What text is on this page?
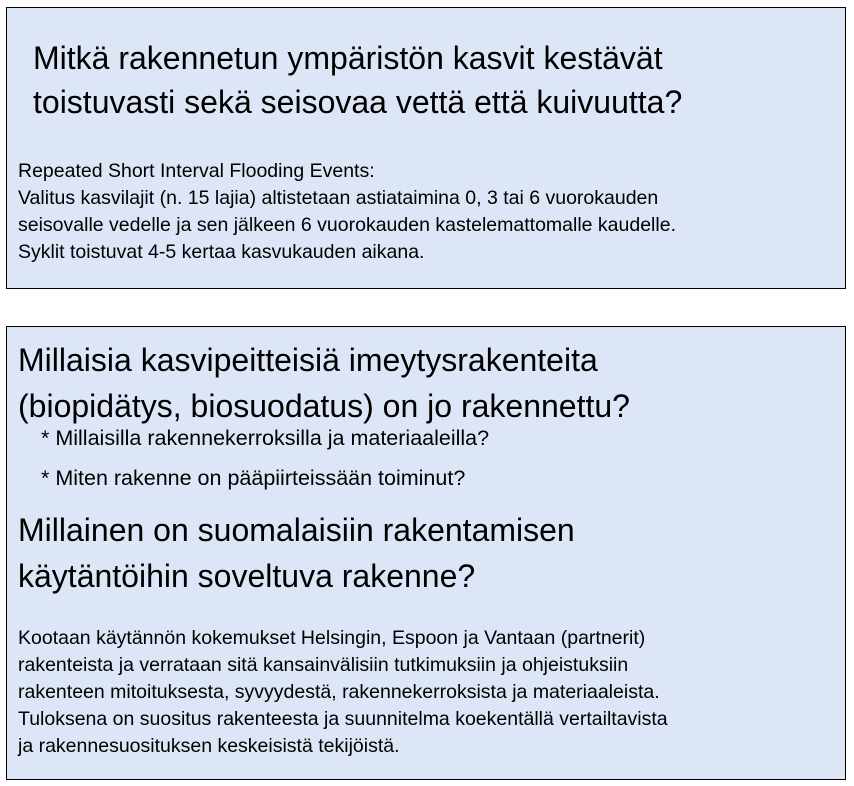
Mitkä rakennetun ympäristön kasvit kestävät
toistuvasti sekä seisovaa vettä että kuivuutta?

Repeated Short Interval Flooding Events:
Valitus kasvilajit (n. 15 lajia) altistetaan astiataimina 0, 3 tai 6 vuorokauden
seisovalle vedelle ja sen jälkeen 6 vuorokauden kastelemattomalle kaudelle.
Syklit toistuvat 4-5 kertaa kasvukauden aikana.

Millaisia kasvipeitteisiä imeytysrakenteita
(biopidätys, biosuodatus) on jo rakennettu?

* Millaisilla rakennekerroksilla ja materiaaleilla?

* Miten rakenne on pääpiirteissään toiminut?

Millainen on suomalaisiin rakentamisen
käytäntöihin soveltuva rakenne?

Kootaan käytännön kokemukset Helsingin, Espoon ja Vantaan (partnerit)
rakenteista ja verrataan sitä kansainvälisiin tutkimuksiin ja ohjeistuksiin
rakenteen mitoituksesta, syvyydestä, rakennekerroksista ja materiaaleista.
Tuloksena on suositus rakenteesta ja suunnitelma koekentällä vertailtavista
ja rakennesuosituksen keskeisistä tekijöistä.
